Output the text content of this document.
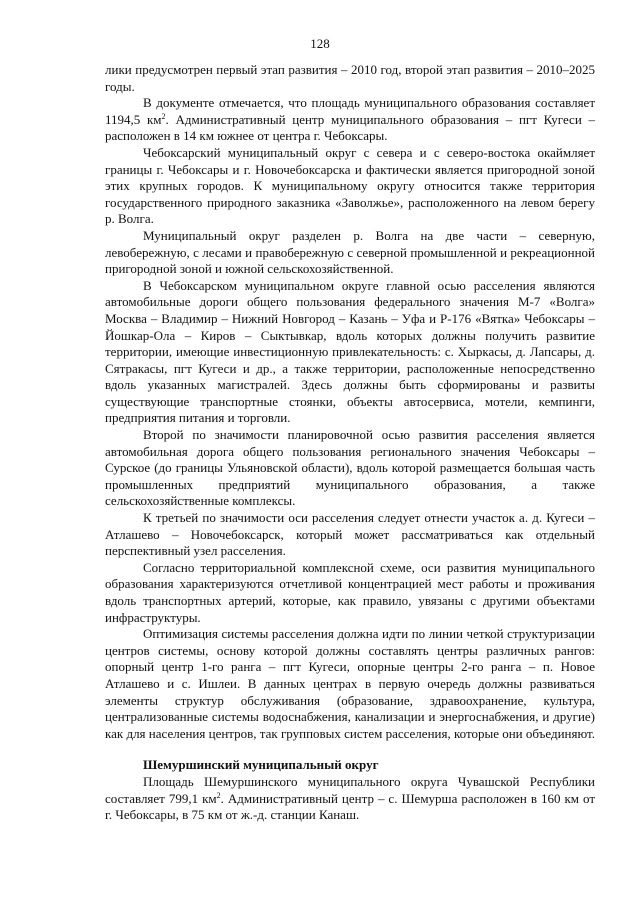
128

лики предусмотрен первый этап развития – 2010 год, второй этап развития – 2010–2025 годы.

В документе отмечается, что площадь муниципального образования составляет 1194,5 $км^2$. Административный центр муниципального образования – пгт Кугеси – расположен в 14 км южнее от центра г. Чебоксары.

Чебоксарский муниципальный округ с севера и с северо-востока окаймляет границы г. Чебоксары и г. Новочебоксарска и фактически является пригородной зоной этих крупных городов. К муниципальному округу относится также территория государственного природного заказника «Заволжье», расположенного на левом берегу р. Волга.

Муниципальный округ разделен р. Волга на две части – северную, левобережную, с лесами и правобережную с северной промышленной и рекреационной пригородной зоной и южной сельскохозяйственной.

В Чебоксарском муниципальном округе главной осью расселения являются автомобильные дороги общего пользования федерального значения М-7 «Волга» Москва – Владимир – Нижний Новгород – Казань – Уфа и Р-176 «Вятка» Чебоксары – Йошкар-Ола – Киров – Сыктывкар, вдоль которых должны получить развитие территории, имеющие инвестиционную привлекательность: с. Хыркасы, д. Лапсары, д. Сятракасы, пгт Кугеси и др., а также территории, расположенные непосредственно вдоль указанных магистралей. Здесь должны быть сформированы и развиты существующие транспортные стоянки, объекты автосервиса, мотели, кемпинги, предприятия питания и торговли.

Второй по значимости планировочной осью развития расселения является автомобильная дорога общего пользования регионального значения Чебоксары – Сурское (до границы Ульяновской области), вдоль которой размещается большая часть промышленных предприятий муниципального образования, а также сельскохозяйственные комплексы.

К третьей по значимости оси расселения следует отнести участок а. д. Кугеси – Атлашево – Новочебоксарск, который может рассматриваться как отдельный перспективный узел расселения.

Согласно территориальной комплексной схеме, оси развития муниципального образования характеризуются отчетливой концентрацией мест работы и проживания вдоль транспортных артерий, которые, как правило, увязаны с другими объектами инфраструктуры.

Оптимизация системы расселения должна идти по линии четкой структуризации центров системы, основу которой должны составлять центры различных рангов: опорный центр 1-го ранга – пгт Кугеси, опорные центры 2-го ранга – п. Новое Атлашево и с. Ишлеи. В данных центрах в первую очередь должны развиваться элементы структур обслуживания (образование, здравоохранение, культура, централизованные системы водоснабжения, канализации и энергоснабжения, и другие) как для населения центров, так групповых систем расселения, которые они объединяют.

Шемуршинский муниципальный округ

Площадь Шемуршинского муниципального округа Чувашской Республики составляет 799,1 $км^2$. Административный центр – с. Шемурша расположен в 160 км от г. Чебоксары, в 75 км от ж.-д. станции Канаш.
